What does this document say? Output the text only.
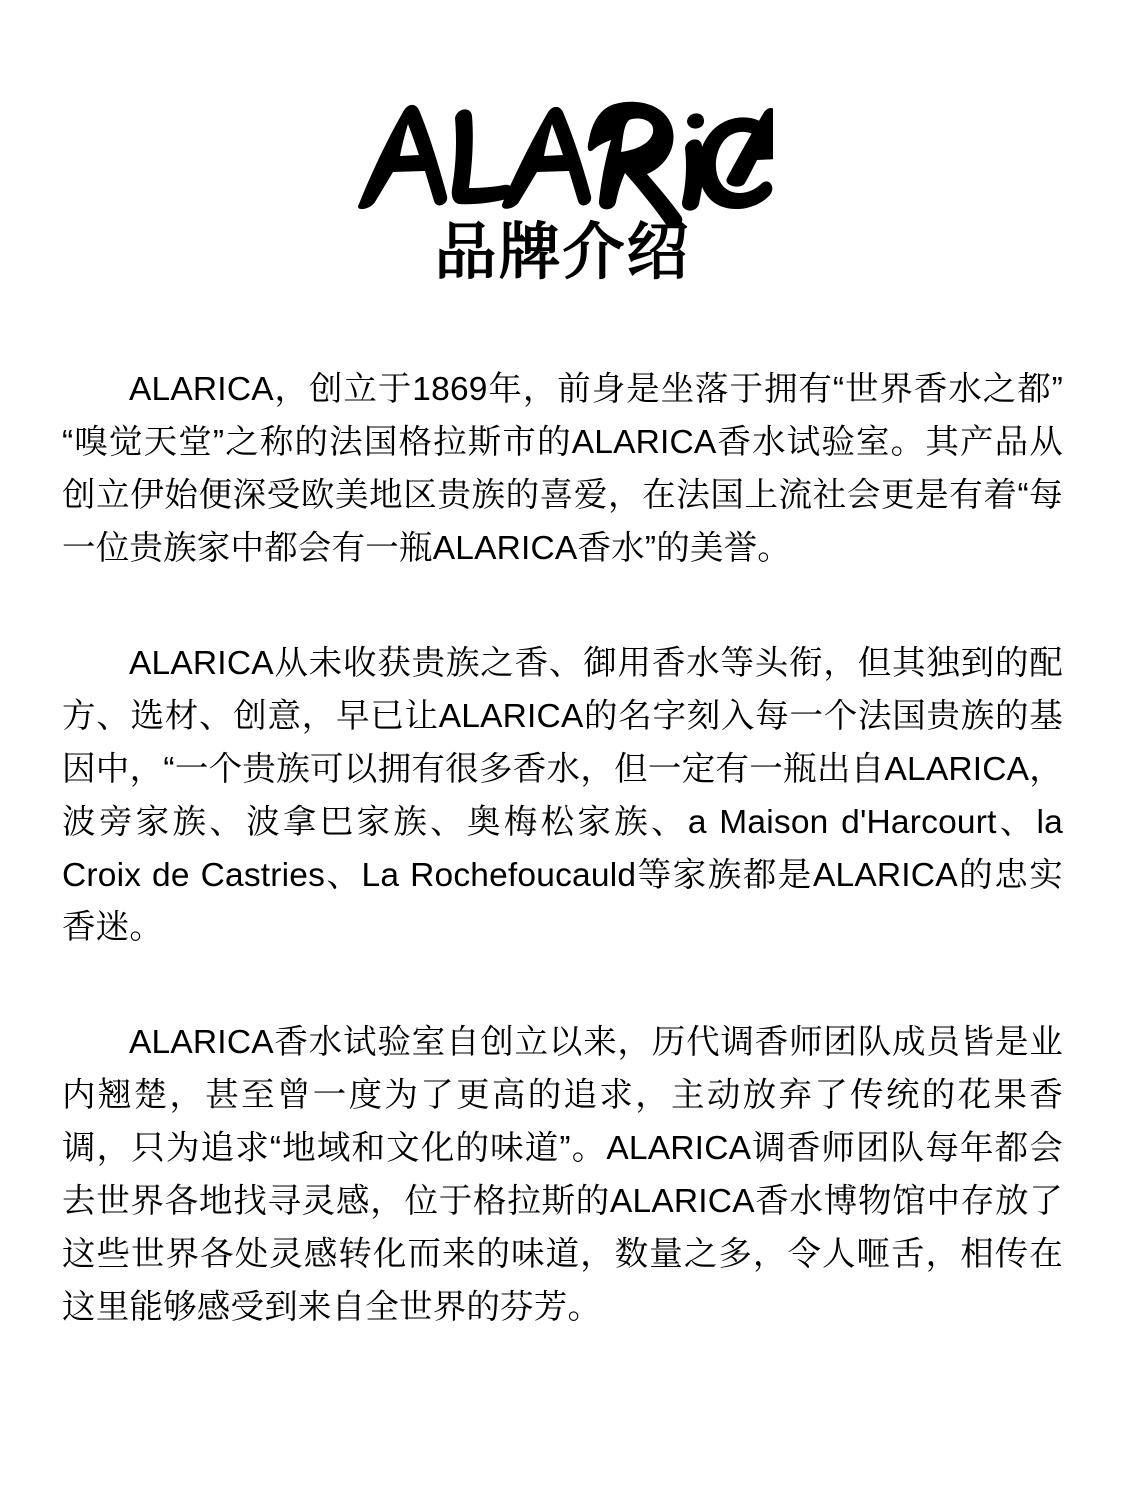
品牌介绍

ALARICA，创立于1869年，前身是坐落于拥有“世界香水之都”“嗅觉天堂”之称的法国格拉斯市的ALARICA香水试验室。其产品从创立伊始便深受欧美地区贵族的喜爱，在法国上流社会更是有着“每一位贵族家中都会有一瓶ALARICA香水”的美誉。

ALARICA从未收获贵族之香、御用香水等头衔，但其独到的配方、选材、创意，早已让ALARICA的名字刻入每一个法国贵族的基因中，“一个贵族可以拥有很多香水，但一定有一瓶出自ALARICA，波旁家族、波拿巴家族、奥梅松家族、a Maison d'Harcourt、la Croix de Castries、La Rochefoucauld等家族都是ALARICA的忠实香迷。

ALARICA香水试验室自创立以来，历代调香师团队成员皆是业内翘楚，甚至曾一度为了更高的追求，主动放弃了传统的花果香调，只为追求“地域和文化的味道”。ALARICA调香师团队每年都会去世界各地找寻灵感，位于格拉斯的ALARICA香水博物馆中存放了这些世界各处灵感转化而来的味道，数量之多，令人咂舌，相传在这里能够感受到来自全世界的芬芳。
